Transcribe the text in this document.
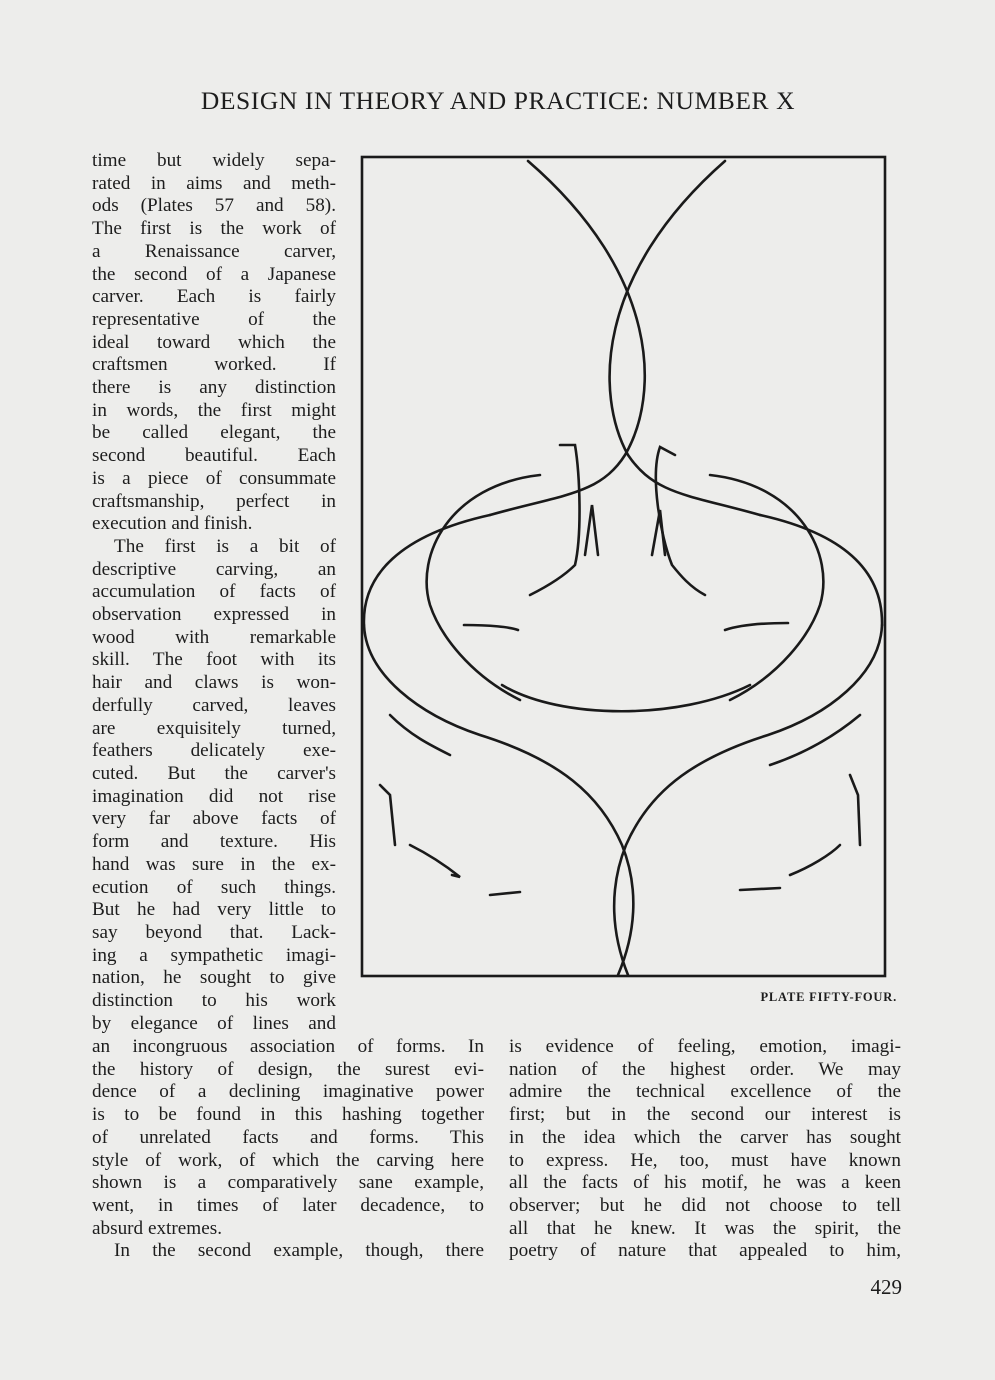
DESIGN IN THEORY AND PRACTICE: NUMBER X

time but widely sepa-
rated in aims and meth-
ods (Plates 57 and 58).
The first is the work of
a Renaissance carver,
the second of a Japanese
carver. Each is fairly
representative of the
ideal toward which the
craftsmen worked. If
there is any distinction
in words, the first might
be called elegant, the
second beautiful. Each
is a piece of consummate
craftsmanship, perfect in
execution and finish.

The first is a bit of
descriptive carving, an
accumulation of facts of
observation expressed in
wood with remarkable
skill. The foot with its
hair and claws is won-
derfully carved, leaves
are exquisitely turned,
feathers delicately exe-
cuted. But the carver's
imagination did not rise
very far above facts of
form and texture. His
hand was sure in the ex-
ecution of such things.
But he had very little to
say beyond that. Lack-
ing a sympathetic imagi-
nation, he sought to give
distinction to his work
by elegance of lines and

PLATE FIFTY-FOUR.
an incongruous association of forms. In
the history of design, the surest evi-
dence of a declining imaginative power
is to be found in this hashing together
of unrelated facts and forms. This
style of work, of which the carving here
shown is a comparatively sane example,
went, in times of later decadence, to
absurd extremes.
In the second example, though, there
is evidence of feeling, emotion, imagi-
nation of the highest order. We may
admire the technical excellence of the
first; but in the second our interest is
in the idea which the carver has sought
to express. He, too, must have known
all the facts of his motif, he was a keen
observer; but he did not choose to tell
all that he knew. It was the spirit, the
poetry of nature that appealed to him,
429
